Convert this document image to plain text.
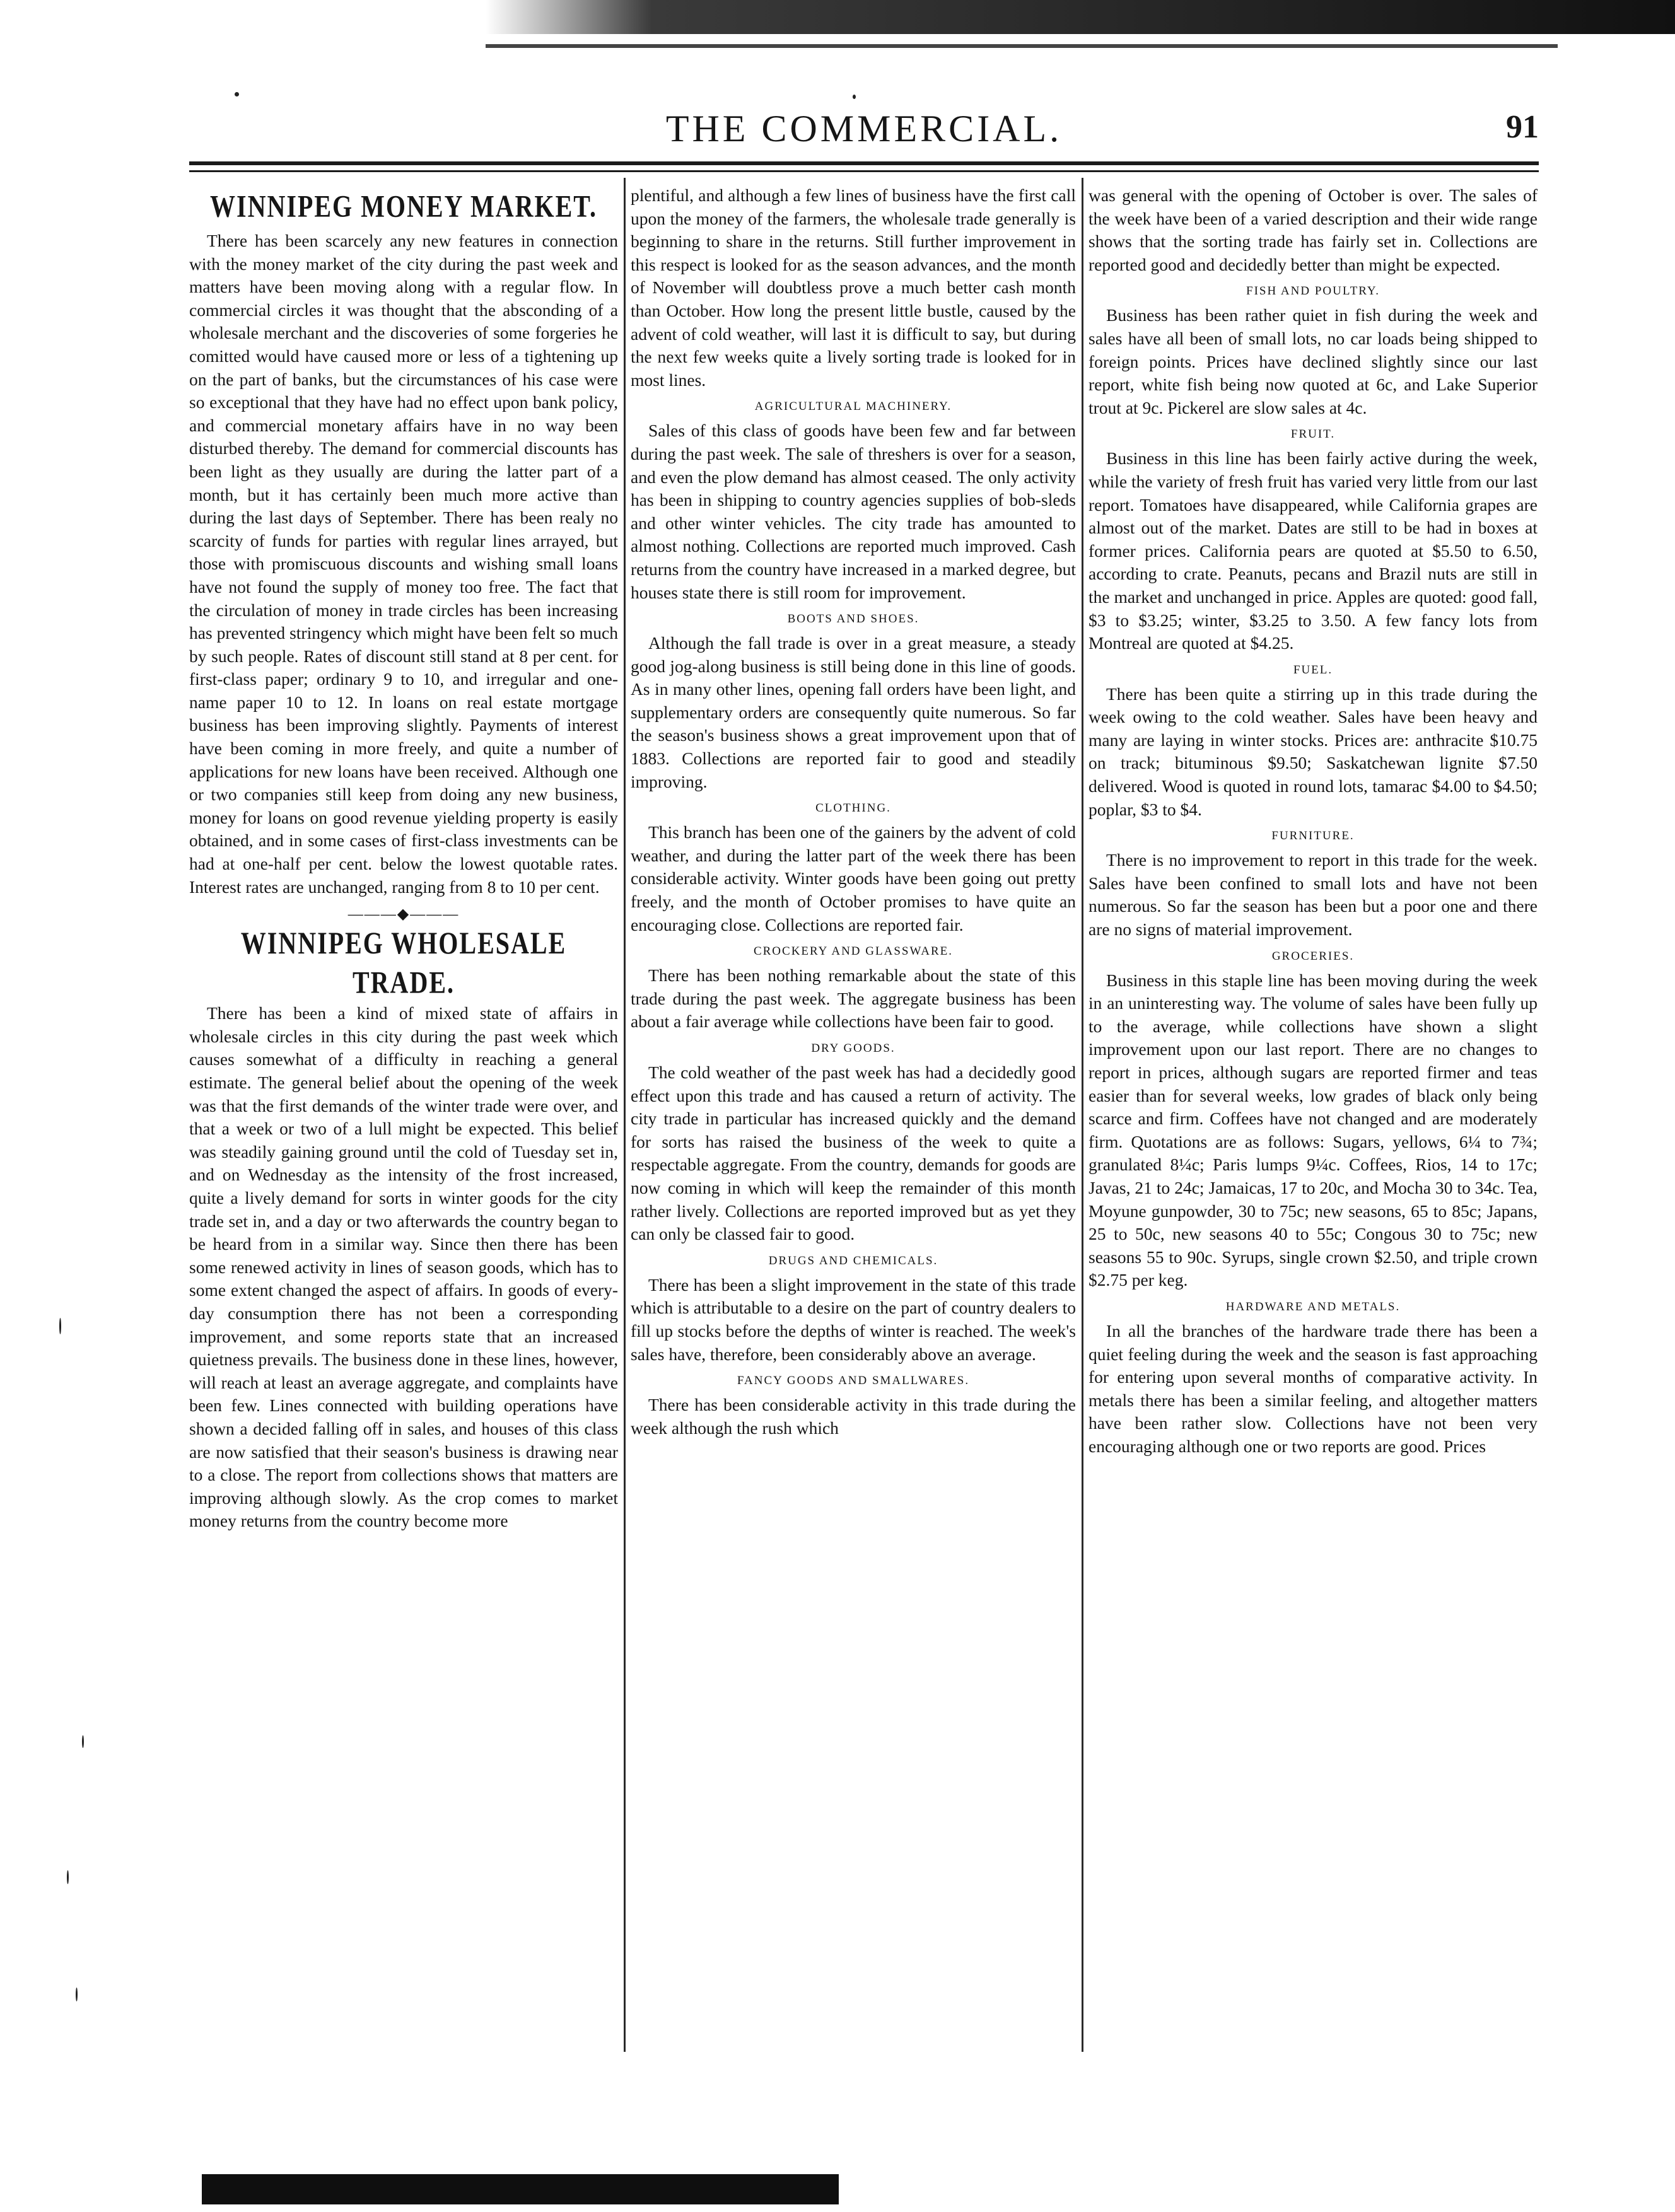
THE COMMERCIAL.	91
WINNIPEG MONEY MARKET.

There has been scarcely any new features in connection with the money market of the city during the past week and matters have been moving along with a regular flow. In commercial circles it was thought that the absconding of a wholesale merchant and the discoveries of some forgeries he comitted would have caused more or less of a tightening up on the part of banks, but the circumstances of his case were so exceptional that they have had no effect upon bank policy, and commercial monetary affairs have in no way been disturbed thereby. The demand for commercial discounts has been light as they usually are during the latter part of a month, but it has certainly been much more active than during the last days of September. There has been realy no scarcity of funds for parties with regular lines arrayed, but those with promiscuous discounts and wishing small loans have not found the supply of money too free. The fact that the circulation of money in trade circles has been increasing has prevented stringency which might have been felt so much by such people. Rates of discount still stand at 8 per cent. for first-class paper; ordinary 9 to 10, and irregular and one-name paper 10 to 12. In loans on real estate mortgage business has been improving slightly. Payments of interest have been coming in more freely, and quite a number of applications for new loans have been received. Although one or two companies still keep from doing any new business, money for loans on good revenue yielding property is easily obtained, and in some cases of first-class investments can be had at one-half per cent. below the lowest quotable rates. Interest rates are unchanged, ranging from 8 to 10 per cent.

———◆———
WINNIPEG WHOLESALE TRADE.

There has been a kind of mixed state of affairs in wholesale circles in this city during the past week which causes somewhat of a difficulty in reaching a general estimate. The general belief about the opening of the week was that the first demands of the winter trade were over, and that a week or two of a lull might be expected. This belief was steadily gaining ground until the cold of Tuesday set in, and on Wednesday as the intensity of the frost increased, quite a lively demand for sorts in winter goods for the city trade set in, and a day or two afterwards the country began to be heard from in a similar way. Since then there has been some renewed activity in lines of season goods, which has to some extent changed the aspect of affairs. In goods of every-day consumption there has not been a corresponding improvement, and some reports state that an increased quietness prevails. The business done in these lines, however, will reach at least an average aggregate, and complaints have been few. Lines connected with building operations have shown a decided falling off in sales, and houses of this class are now satisfied that their season's business is drawing near to a close. The report from collections shows that matters are improving although slowly. As the crop comes to market money returns from the country become more

plentiful, and although a few lines of business have the first call upon the money of the farmers, the wholesale trade generally is beginning to share in the returns. Still further improvement in this respect is looked for as the season advances, and the month of November will doubtless prove a much better cash month than October. How long the present little bustle, caused by the advent of cold weather, will last it is difficult to say, but during the next few weeks quite a lively sorting trade is looked for in most lines.

AGRICULTURAL MACHINERY.

Sales of this class of goods have been few and far between during the past week. The sale of threshers is over for a season, and even the plow demand has almost ceased. The only activity has been in shipping to country agencies supplies of bob-sleds and other winter vehicles. The city trade has amounted to almost nothing. Collections are reported much improved. Cash returns from the country have increased in a marked degree, but houses state there is still room for improvement.

BOOTS AND SHOES.

Although the fall trade is over in a great measure, a steady good jog-along business is still being done in this line of goods. As in many other lines, opening fall orders have been light, and supplementary orders are consequently quite numerous. So far the season's business shows a great improvement upon that of 1883. Collections are reported fair to good and steadily improving.

CLOTHING.

This branch has been one of the gainers by the advent of cold weather, and during the latter part of the week there has been considerable activity. Winter goods have been going out pretty freely, and the month of October promises to have quite an encouraging close. Collections are reported fair.

CROCKERY AND GLASSWARE.

There has been nothing remarkable about the state of this trade during the past week. The aggregate business has been about a fair average while collections have been fair to good.

DRY GOODS.

The cold weather of the past week has had a decidedly good effect upon this trade and has caused a return of activity. The city trade in particular has increased quickly and the demand for sorts has raised the business of the week to quite a respectable aggregate. From the country, demands for goods are now coming in which will keep the remainder of this month rather lively. Collections are reported improved but as yet they can only be classed fair to good.

DRUGS AND CHEMICALS.

There has been a slight improvement in the state of this trade which is attributable to a desire on the part of country dealers to fill up stocks before the depths of winter is reached. The week's sales have, therefore, been considerably above an average.

FANCY GOODS AND SMALLWARES.

There has been considerable activity in this trade during the week although the rush which

was general with the opening of October is over. The sales of the week have been of a varied description and their wide range shows that the sorting trade has fairly set in. Collections are reported good and decidedly better than might be expected.

FISH AND POULTRY.

Business has been rather quiet in fish during the week and sales have all been of small lots, no car loads being shipped to foreign points. Prices have declined slightly since our last report, white fish being now quoted at 6c, and Lake Superior trout at 9c. Pickerel are slow sales at 4c.

FRUIT.

Business in this line has been fairly active during the week, while the variety of fresh fruit has varied very little from our last report. Tomatoes have disappeared, while California grapes are almost out of the market. Dates are still to be had in boxes at former prices. California pears are quoted at $5.50 to 6.50, according to crate. Peanuts, pecans and Brazil nuts are still in the market and unchanged in price. Apples are quoted: good fall, $3 to $3.25; winter, $3.25 to 3.50. A few fancy lots from Montreal are quoted at $4.25.

FUEL.

There has been quite a stirring up in this trade during the week owing to the cold weather. Sales have been heavy and many are laying in winter stocks. Prices are: anthracite $10.75 on track; bituminous $9.50; Saskatchewan lignite $7.50 delivered. Wood is quoted in round lots, tamarac $4.00 to $4.50; poplar, $3 to $4.

FURNITURE.

There is no improvement to report in this trade for the week. Sales have been confined to small lots and have not been numerous. So far the season has been but a poor one and there are no signs of material improvement.

GROCERIES.

Business in this staple line has been moving during the week in an uninteresting way. The volume of sales have been fully up to the average, while collections have shown a slight improvement upon our last report. There are no changes to report in prices, although sugars are reported firmer and teas easier than for several weeks, low grades of black only being scarce and firm. Coffees have not changed and are moderately firm. Quotations are as follows: Sugars, yellows, 6¼ to 7¾; granulated 8¼c; Paris lumps 9¼c. Coffees, Rios, 14 to 17c; Javas, 21 to 24c; Jamaicas, 17 to 20c, and Mocha 30 to 34c. Tea, Moyune gunpowder, 30 to 75c; new seasons, 65 to 85c; Japans, 25 to 50c, new seasons 40 to 55c; Congous 30 to 75c; new seasons 55 to 90c. Syrups, single crown $2.50, and triple crown $2.75 per keg.

HARDWARE AND METALS.

In all the branches of the hardware trade there has been a quiet feeling during the week and the season is fast approaching for entering upon several months of comparative activity. In metals there has been a similar feeling, and altogether matters have been rather slow. Collections have not been very encouraging although one or two reports are good. Prices
